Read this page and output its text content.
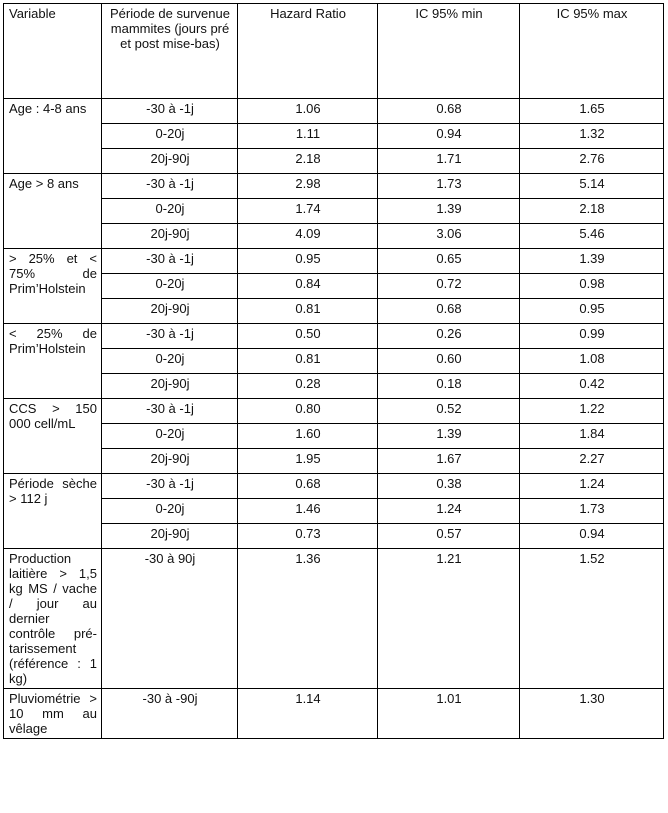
Variable	Période de survenue mammites (jours pré et post mise-bas)	Hazard Ratio	IC 95% min	IC 95% max
Age : 4-8 ans	-30 à -1j	1.06	0.68	1.65
	0-20j	1.11	0.94	1.32
	20j-90j	2.18	1.71	2.76
Age > 8 ans	-30 à -1j	2.98	1.73	5.14
	0-20j	1.74	1.39	2.18
	20j-90j	4.09	3.06	5.46
> 25% et < 75% de Prim’Holstein	-30 à -1j	0.95	0.65	1.39
	0-20j	0.84	0.72	0.98
	20j-90j	0.81	0.68	0.95
< 25% de Prim’Holstein	-30 à -1j	0.50	0.26	0.99
	0-20j	0.81	0.60	1.08
	20j-90j	0.28	0.18	0.42
CCS > 150 000 cell/mL	-30 à -1j	0.80	0.52	1.22
	0-20j	1.60	1.39	1.84
	20j-90j	1.95	1.67	2.27
Période sèche > 112 j	-30 à -1j	0.68	0.38	1.24
	0-20j	1.46	1.24	1.73
	20j-90j	0.73	0.57	0.94
Production laitière > 1,5 kg MS / vache / jour au dernier contrôle pré-tarissement (référence : 1 kg)	-30 à 90j	1.36	1.21	1.52
Pluviométrie > 10 mm au vêlage	-30 à -90j	1.14	1.01	1.30
